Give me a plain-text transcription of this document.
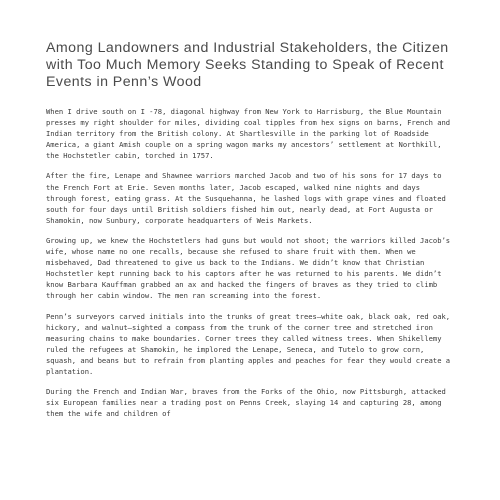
Among Landowners and Industrial Stakeholders, the Citizen with Too Much Memory Seeks Standing to Speak of Recent Events in Penn’s Wood

When I drive south on I -78, diagonal highway from New York to Harrisburg, the Blue Mountain presses my right shoulder for miles, dividing coal tipples from hex signs on barns, French and Indian territory from the British colony. At Shartlesville in the parking lot of Roadside America, a giant Amish couple on a spring wagon marks my ancestors’ settlement at Northkill, the Hochstetler cabin, torched in 1757.

After the fire, Lenape and Shawnee warriors marched Jacob and two of his sons for 17 days to the French Fort at Erie. Seven months later, Jacob escaped, walked nine nights and days through forest, eating grass. At the Susquehanna, he lashed logs with grape vines and floated south for four days until British soldiers fished him out, nearly dead, at Fort Augusta or Shamokin, now Sunbury, corporate headquarters of Weis Markets.

Growing up, we knew the Hochstetlers had guns but would not shoot; the warriors killed Jacob’s wife, whose name no one recalls, because she refused to share fruit with them. When we misbehaved, Dad threatened to give us back to the Indians. We didn’t know that Christian Hochstetler kept running back to his captors after he was returned to his parents. We didn’t know Barbara Kauffman grabbed an ax and hacked the fingers of braves as they tried to climb through her cabin window. The men ran screaming into the forest.

Penn’s surveyors carved initials into the trunks of great trees—white oak, black oak, red oak, hickory, and walnut—sighted a compass from the trunk of the corner tree and stretched iron measuring chains to make boundaries. Corner trees they called witness trees. When Shikellemy ruled the refugees at Shamokin, he implored the Lenape, Seneca, and Tutelo to grow corn, squash, and beans but to refrain from planting apples and peaches for fear they would create a plantation.

During the French and Indian War, braves from the Forks of the Ohio, now Pittsburgh, attacked six European families near a trading post on Penns Creek, slaying 14 and capturing 28, among them the wife and children of
